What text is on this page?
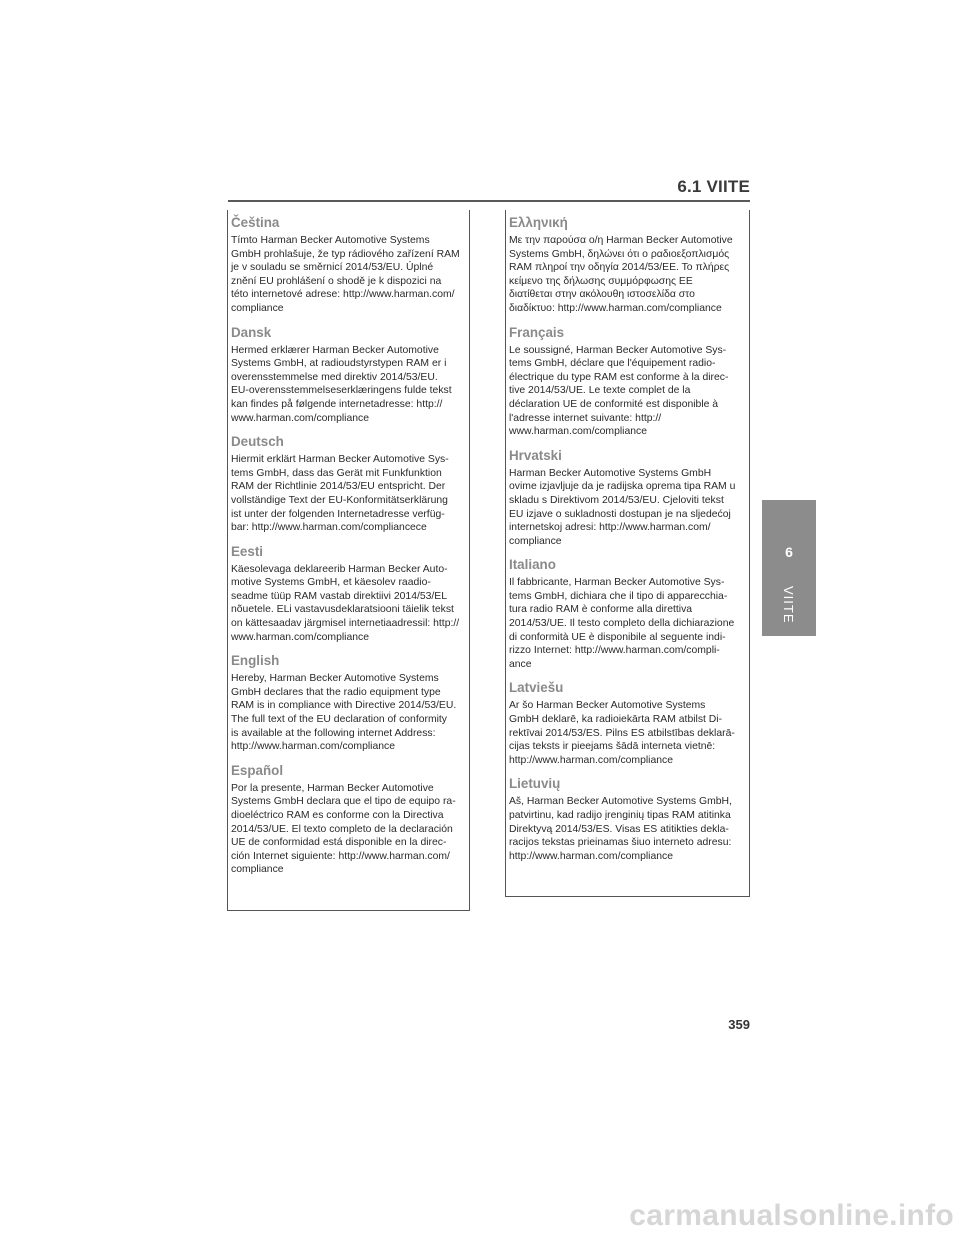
6.1 VIITE
Čeština
Tímto Harman Becker Automotive Systems
GmbH prohlašuje, že typ rádiového zařízení RAM
je v souladu se směrnicí 2014/53/EU. Úplné
znění EU prohlášení o shodě je k dispozici na
této internetové adrese: http://www.harman.com/
compliance
Dansk
Hermed erklærer Harman Becker Automotive
Systems GmbH, at radioudstyrstypen RAM er i
overensstemmelse med direktiv 2014/53/EU.
EU-overensstemmelseserklæringens fulde tekst
kan findes på følgende internetadresse: http://
www.harman.com/compliance
Deutsch
Hiermit erklärt Harman Becker Automotive Sys-
tems GmbH, dass das Gerät mit Funkfunktion
RAM der Richtlinie 2014/53/EU entspricht. Der
vollständige Text der EU-Konformitätserklärung
ist unter der folgenden Internetadresse verfüg-
bar: http://www.harman.com/compliancece
Eesti
Käesolevaga deklareerib Harman Becker Auto-
motive Systems GmbH, et käesolev raadio-
seadme tüüp RAM vastab direktiivi 2014/53/EL
nõuetele. ELi vastavusdeklaratsiooni täielik tekst
on kättesaadav järgmisel internetiaadressil: http://
www.harman.com/compliance
English
Hereby, Harman Becker Automotive Systems
GmbH declares that the radio equipment type
RAM is in compliance with Directive 2014/53/EU.
The full text of the EU declaration of conformity
is available at the following internet Address:
http://www.harman.com/compliance
Español
Por la presente, Harman Becker Automotive
Systems GmbH declara que el tipo de equipo ra-
dioeléctrico RAM es conforme con la Directiva
2014/53/UE. El texto completo de la declaración
UE de conformidad está disponible en la direc-
ción Internet siguiente: http://www.harman.com/
compliance
Ελληνική
Με την παρούσα ο/η Harman Becker Automotive
Systems GmbH, δηλώνει ότι ο ραδιοεξοπλισμός
RAM πληροί την οδηγία 2014/53/ΕΕ. Το πλήρες
κείμενο της δήλωσης συμμόρφωσης ΕΕ
διατίθεται στην ακόλουθη ιστοσελίδα στο
διαδίκτυο: http://www.harman.com/compliance
Français
Le soussigné, Harman Becker Automotive Sys-
tems GmbH, déclare que l'équipement radio-
électrique du type RAM est conforme à la direc-
tive 2014/53/UE. Le texte complet de la
déclaration UE de conformité est disponible à
l'adresse internet suivante: http://
www.harman.com/compliance
Hrvatski
Harman Becker Automotive Systems GmbH
ovime izjavljuje da je radijska oprema tipa RAM u
skladu s Direktivom 2014/53/EU. Cjeloviti tekst
EU izjave o sukladnosti dostupan je na sljedećoj
internetskoj adresi: http://www.harman.com/
compliance
Italiano
Il fabbricante, Harman Becker Automotive Sys-
tems GmbH, dichiara che il tipo di apparecchia-
tura radio RAM è conforme alla direttiva
2014/53/UE. Il testo completo della dichiarazione
di conformità UE è disponibile al seguente indi-
rizzo Internet: http://www.harman.com/compli-
ance
Latviešu
Ar šo Harman Becker Automotive Systems
GmbH deklarē, ka radioiekārta RAM atbilst Di-
rektīvai 2014/53/ES. Pilns ES atbilstības deklarā-
cijas teksts ir pieejams šādā interneta vietnē:
http://www.harman.com/compliance
Lietuvių
Aš, Harman Becker Automotive Systems GmbH,
patvirtinu, kad radijo įrenginių tipas RAM atitinka
Direktyvą 2014/53/ES. Visas ES atitikties dekla-
racijos tekstas prieinamas šiuo interneto adresu:
http://www.harman.com/compliance
6
VIITE
359
carmanualsonline.info
